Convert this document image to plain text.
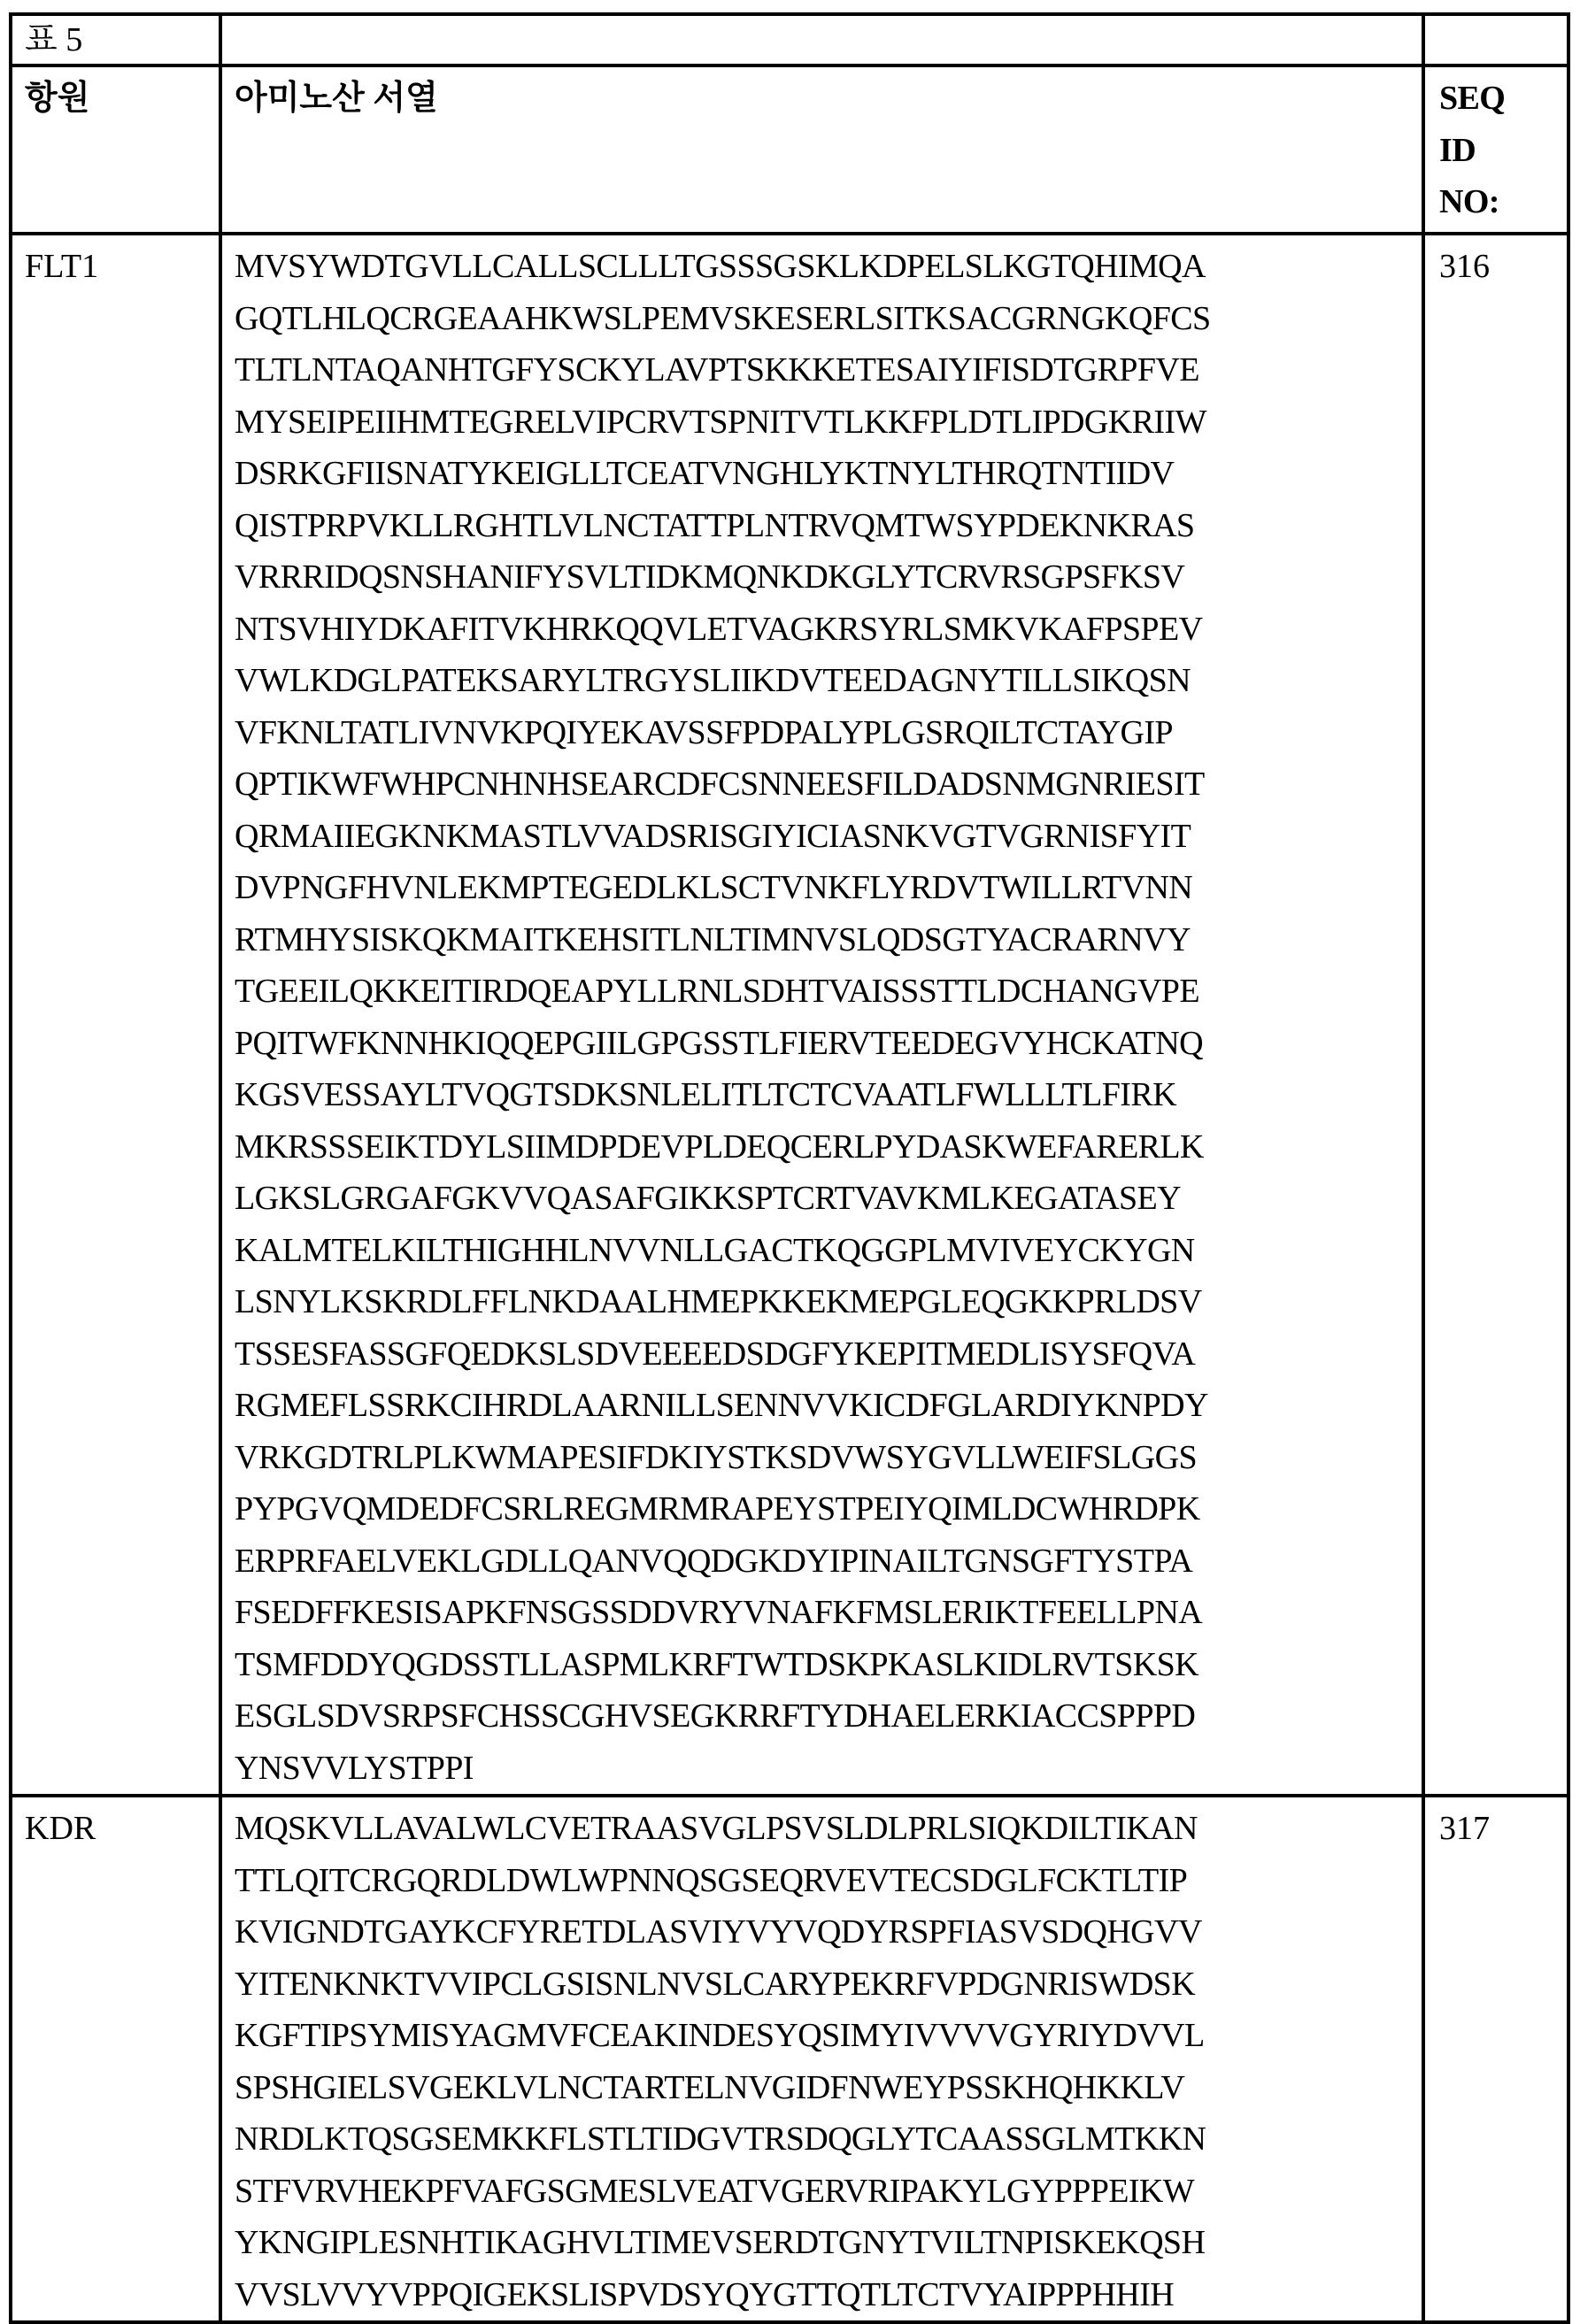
표 5		
항원	아미노산 서열	SEQ
ID
NO:

FLT1	MVSYWDTGVLLCALLSCLLLTGSSSGSKLKDPELSLKGTQHIMQA
GQTLHLQCRGEAAHKWSLPEMVSKESERLSITKSACGRNGKQFCS
TLTLNTAQANHTGFYSCKYLAVPTSKKKETESAIYIFISDTGRPFVE
MYSEIPEIIHMTEGRELVIPCRVTSPNITVTLKKFPLDTLIPDGKRIIW
DSRKGFIISNATYKEIGLLTCEATVNGHLYKTNYLTHRQTNTIIDV
QISTPRPVKLLRGHTLVLNCTATTPLNTRVQMTWSYPDEKNKRAS
VRRRIDQSNSHANIFYSVLTIDKMQNKDKGLYTCRVRSGPSFKSV
NTSVHIYDKAFITVKHRKQQVLETVAGKRSYRLSMKVKAFPSPEV
VWLKDGLPATEKSARYLTRGYSLIIKDVTEEDAGNYTILLSIKQSN
VFKNLTATLIVNVKPQIYEKAVSSFPDPALYPLGSRQILTCTAYGIP
QPTIKWFWHPCNHNHSEARCDFCSNNEESFILDADSNMGNRIESIT
QRMAIIEGKNKMASTLVVADSRISGIYICIASNKVGTVGRNISFYIT
DVPNGFHVNLEKMPTEGEDLKLSCTVNKFLYRDVTWILLRTVNN
RTMHYSISKQKMAITKEHSITLNLTIMNVSLQDSGTYACRARNVY
TGEEILQKKEITIRDQEAPYLLRNLSDHTVAISSSTTLDCHANGVPE
PQITWFKNNHKIQQEPGIILGPGSSTLFIERVTEEDEGVYHCKATNQ
KGSVESSAYLTVQGTSDKSNLELITLTCTCVAATLFWLLLTLFIRK
MKRSSSEIKTDYLSIIMDPDEVPLDEQCERLPYDASKWEFARERLK
LGKSLGRGAFGKVVQASAFGIKKSPTCRTVAVKMLKEGATASEY
KALMTELKILTHIGHHLNVVNLLGACTKQGGPLMVIVEYCKYGN
LSNYLKSKRDLFFLNKDAALHMEPKKEKMEPGLEQGKKPRLDSV
TSSESFASSGFQEDKSLSDVEEEEDSDGFYKEPITMEDLISYSFQVA
RGMEFLSSRKCIHRDLAARNILLSENNVVKICDFGLARDIYKNPDY
VRKGDTRLPLKWMAPESIFDKIYSTKSDVWSYGVLLWEIFSLGGS
PYPGVQMDEDFCSRLREGMRMRAPEYSTPEIYQIMLDCWHRDPK
ERPRFAELVEKLGDLLQANVQQDGKDYIPINAILTGNSGFTYSTPA
FSEDFFKESISAPKFNSGSSDDVRYVNAFKFMSLERIKTFEELLPNA
TSMFDDYQGDSSTLLASPMLKRFTWTDSKPKASLKIDLRVTSKSK
ESGLSDVSRPSFCHSSCGHVSEGKRRFTYDHAELERKIACCSPPPD
YNSVVLYSTPPI
	316
KDR	MQSKVLLAVALWLCVETRAASVGLPSVSLDLPRLSIQKDILTIKAN
TTLQITCRGQRDLDWLWPNNQSGSEQRVEVTECSDGLFCKTLTIP
KVIGNDTGAYKCFYRETDLASVIYVYVQDYRSPFIASVSDQHGVV
YITENKNKTVVIPCLGSISNLNVSLCARYPEKRFVPDGNRISWDSK
KGFTIPSYMISYAGMVFCEAKINDESYQSIMYIVVVVGYRIYDVVL
SPSHGIELSVGEKLVLNCTARTELNVGIDFNWEYPSSKHQHKKLV
NRDLKTQSGSEMKKFLSTLTIDGVTRSDQGLYTCAASSGLMTKKN
STFVRVHEKPFVAFGSGMESLVEATVGERVRIPAKYLGYPPPEIKW
YKNGIPLESNHTIKAGHVLTIMEVSERDTGNYTVILTNPISKEKQSH
VVSLVVYVPPQIGEKSLISPVDSYQYGTTQTLTCTVYAIPPPHHIH
	317
